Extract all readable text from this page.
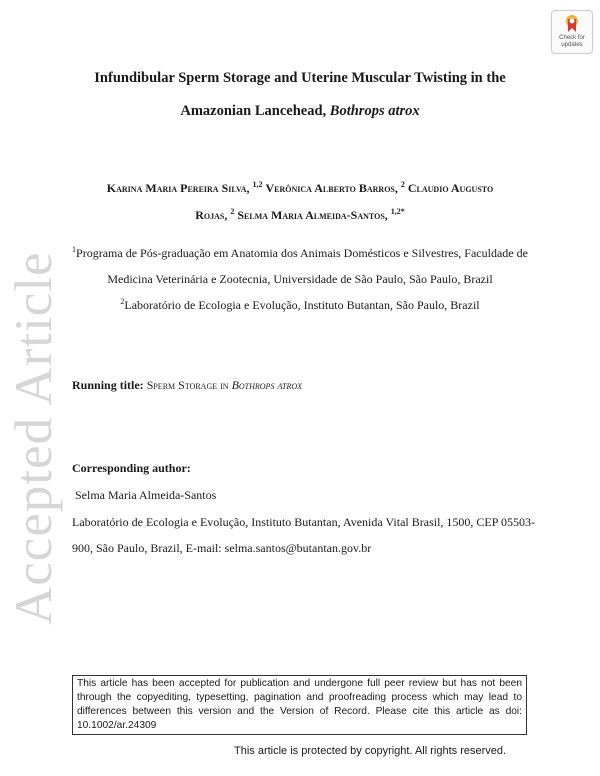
Check for
updates
Accepted Article
Infundibular Sperm Storage and Uterine Muscular Twisting in the
Amazonian Lancehead, Bothrops atrox
Karina Maria Pereira Silva, $^{1,2}$ Verônica Alberto Barros, $^2$ Claudio Augusto
Rojas, $^2$ Selma Maria Almeida-Santos, $^{1,2*}$
$^1$Programa de Pós-graduação em Anatomia dos Animais Domésticos e Silvestres, Faculdade de
Medicina Veterinária e Zootecnia, Universidade de São Paulo, São Paulo, Brazil
$^2$Laboratório de Ecologia e Evolução, Instituto Butantan, São Paulo, Brazil
Running title: Sperm Storage in Bothrops atrox
Corresponding author:
Selma Maria Almeida-Santos
Laboratório de Ecologia e Evolução, Instituto Butantan, Avenida Vital Brasil, 1500, CEP 05503-
900, São Paulo, Brazil, E-mail: selma.santos@butantan.gov.br
This article has been accepted for publication and undergone full peer review but has not been through the copyediting, typesetting, pagination and proofreading process which may lead to differences between this version and the Version of Record. Please cite this article as doi: 10.1002/ar.24309
This article is protected by copyright. All rights reserved.
